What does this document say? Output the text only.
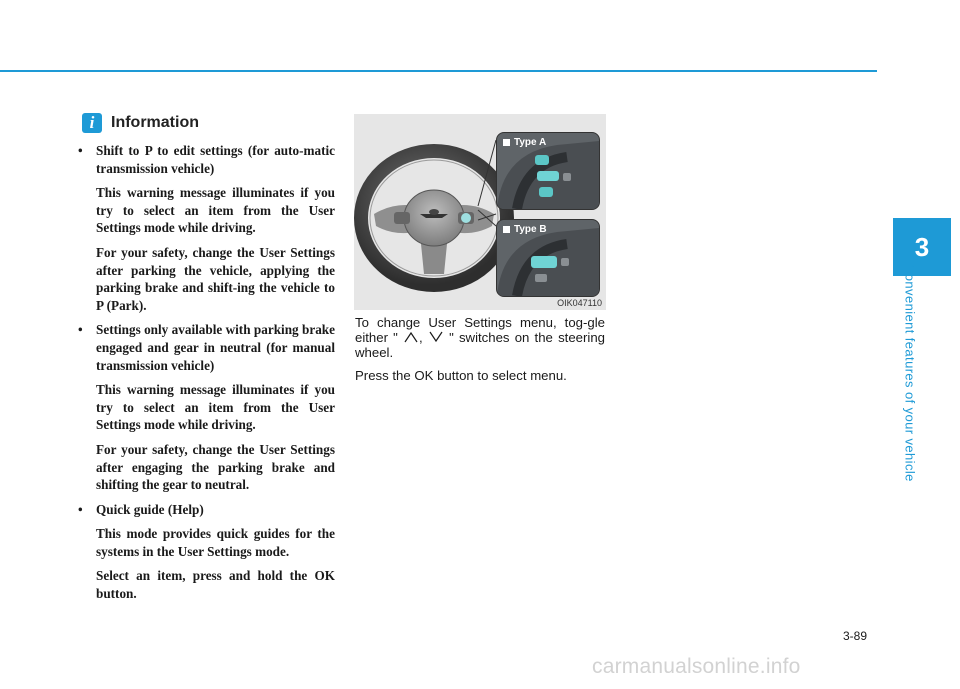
3
Convenient features of your vehicle
i	Information
• Shift to P to edit settings (for auto-matic transmission vehicle)
This warning message illuminates if you try to select an item from the User Settings mode while driving.
For your safety, change the User Settings after parking the vehicle, applying the parking brake and shift-ing the vehicle to P (Park).
• Settings only available with parking brake engaged and gear in neutral (for manual transmission vehicle)
This warning message illuminates if you try to select an item from the User Settings mode while driving.
For your safety, change the User Settings after engaging the parking brake and shifting the gear to neutral.
• Quick guide (Help)
This mode provides quick guides for the systems in the User Settings mode.
Select an item, press and hold the OK button.
OIK047110
Type A
Type B

To change User Settings menu, tog-gle either " , " switches on the steering wheel.

Press the OK button to select menu.

3-89
carmanualsonline.info
